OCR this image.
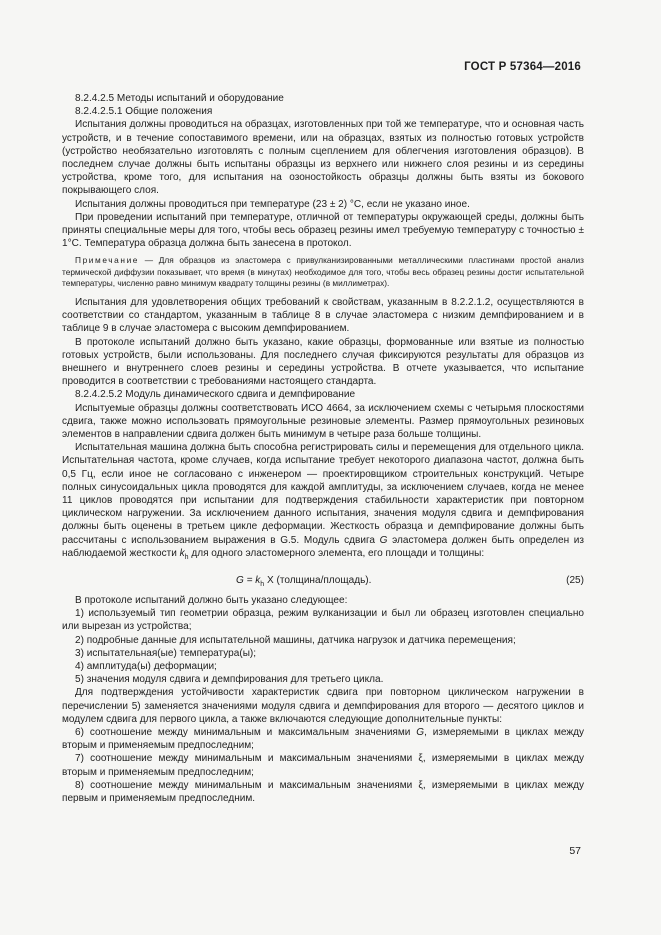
ГОСТ Р 57364—2016

8.2.4.2.5 Методы испытаний и оборудование

8.2.4.2.5.1 Общие положения

Испытания должны проводиться на образцах, изготовленных при той же температуре, что и основная часть устройств, и в течение сопоставимого времени, или на образцах, взятых из полностью готовых устройств (устройство необязательно изготовлять с полным сцеплением для облегчения изготовления образцов). В последнем случае должны быть испытаны образцы из верхнего или нижнего слоя резины и из середины устройства, кроме того, для испытания на озоностойкость образцы должны быть взяты из бокового покрывающего слоя.

Испытания должны проводиться при температуре (23 ± 2) °С, если не указано иное.

При проведении испытаний при температуре, отличной от температуры окружающей среды, должны быть приняты специальные меры для того, чтобы весь образец резины имел требуемую температуру с точностью ± 1°С. Температура образца должна быть занесена в протокол.

Примечание — Для образцов из эластомера с привулканизированными металлическими пластинами простой анализ термической диффузии показывает, что время (в минутах) необходимое для того, чтобы весь образец резины достиг испытательной температуры, численно равно минимум квадрату толщины резины (в миллиметрах).

Испытания для удовлетворения общих требований к свойствам, указанным в 8.2.2.1.2, осуществляются в соответствии со стандартом, указанным в таблице 8 в случае эластомера с низким демпфированием и в таблице 9 в случае эластомера с высоким демпфированием.

В протоколе испытаний должно быть указано, какие образцы, формованные или взятые из полностью готовых устройств, были использованы. Для последнего случая фиксируются результаты для образцов из внешнего и внутреннего слоев резины и середины устройства. В отчете указывается, что испытание проводится в соответствии с требованиями настоящего стандарта.

8.2.4.2.5.2 Модуль динамического сдвига и демпфирование

Испытуемые образцы должны соответствовать ИСО 4664, за исключением схемы с четырьмя плоскостями сдвига, также можно использовать прямоугольные резиновые элементы. Размер прямоугольных резиновых элементов в направлении сдвига должен быть минимум в четыре раза больше толщины.

Испытательная машина должна быть способна регистрировать силы и перемещения для отдельного цикла. Испытательная частота, кроме случаев, когда испытание требует некоторого диапазона частот, должна быть 0,5 Гц, если иное не согласовано с инженером — проектировщиком строительных конструкций. Четыре полных синусоидальных цикла проводятся для каждой амплитуды, за исключением случаев, когда не менее 11 циклов проводятся при испытании для подтверждения стабильности характеристик при повторном циклическом нагружении. За исключением данного испытания, значения модуля сдвига и демпфирования должны быть оценены в третьем цикле деформации. Жесткость образца и демпфирование должны быть рассчитаны с использованием выражения в G.5. Модуль сдвига G эластомера должен быть определен из наблюдаемой жесткости $k_h$ для одного эластомерного элемента, его площади и толщины:

$G = k_h$ X (толщина/площадь).	(25)

В протоколе испытаний должно быть указано следующее:

1) используемый тип геометрии образца, режим вулканизации и был ли образец изготовлен специально или вырезан из устройства;

2) подробные данные для испытательной машины, датчика нагрузок и датчика перемещения;

3) испытательная(ые) температура(ы);

4) амплитуда(ы) деформации;

5) значения модуля сдвига и демпфирования для третьего цикла.

Для подтверждения устойчивости характеристик сдвига при повторном циклическом нагружении в перечислении 5) заменяется значениями модуля сдвига и демпфирования для второго — десятого циклов и модулем сдвига для первого цикла, а также включаются следующие дополнительные пункты:

6) соотношение между минимальным и максимальным значениями G, измеряемыми в циклах между вторым и применяемым предпоследним;

7) соотношение между минимальным и максимальным значениями ξ, измеряемыми в циклах между вторым и применяемым предпоследним;

8) соотношение между минимальным и максимальным значениями ξ, измеряемыми в циклах между первым и применяемым предпоследним.

57
